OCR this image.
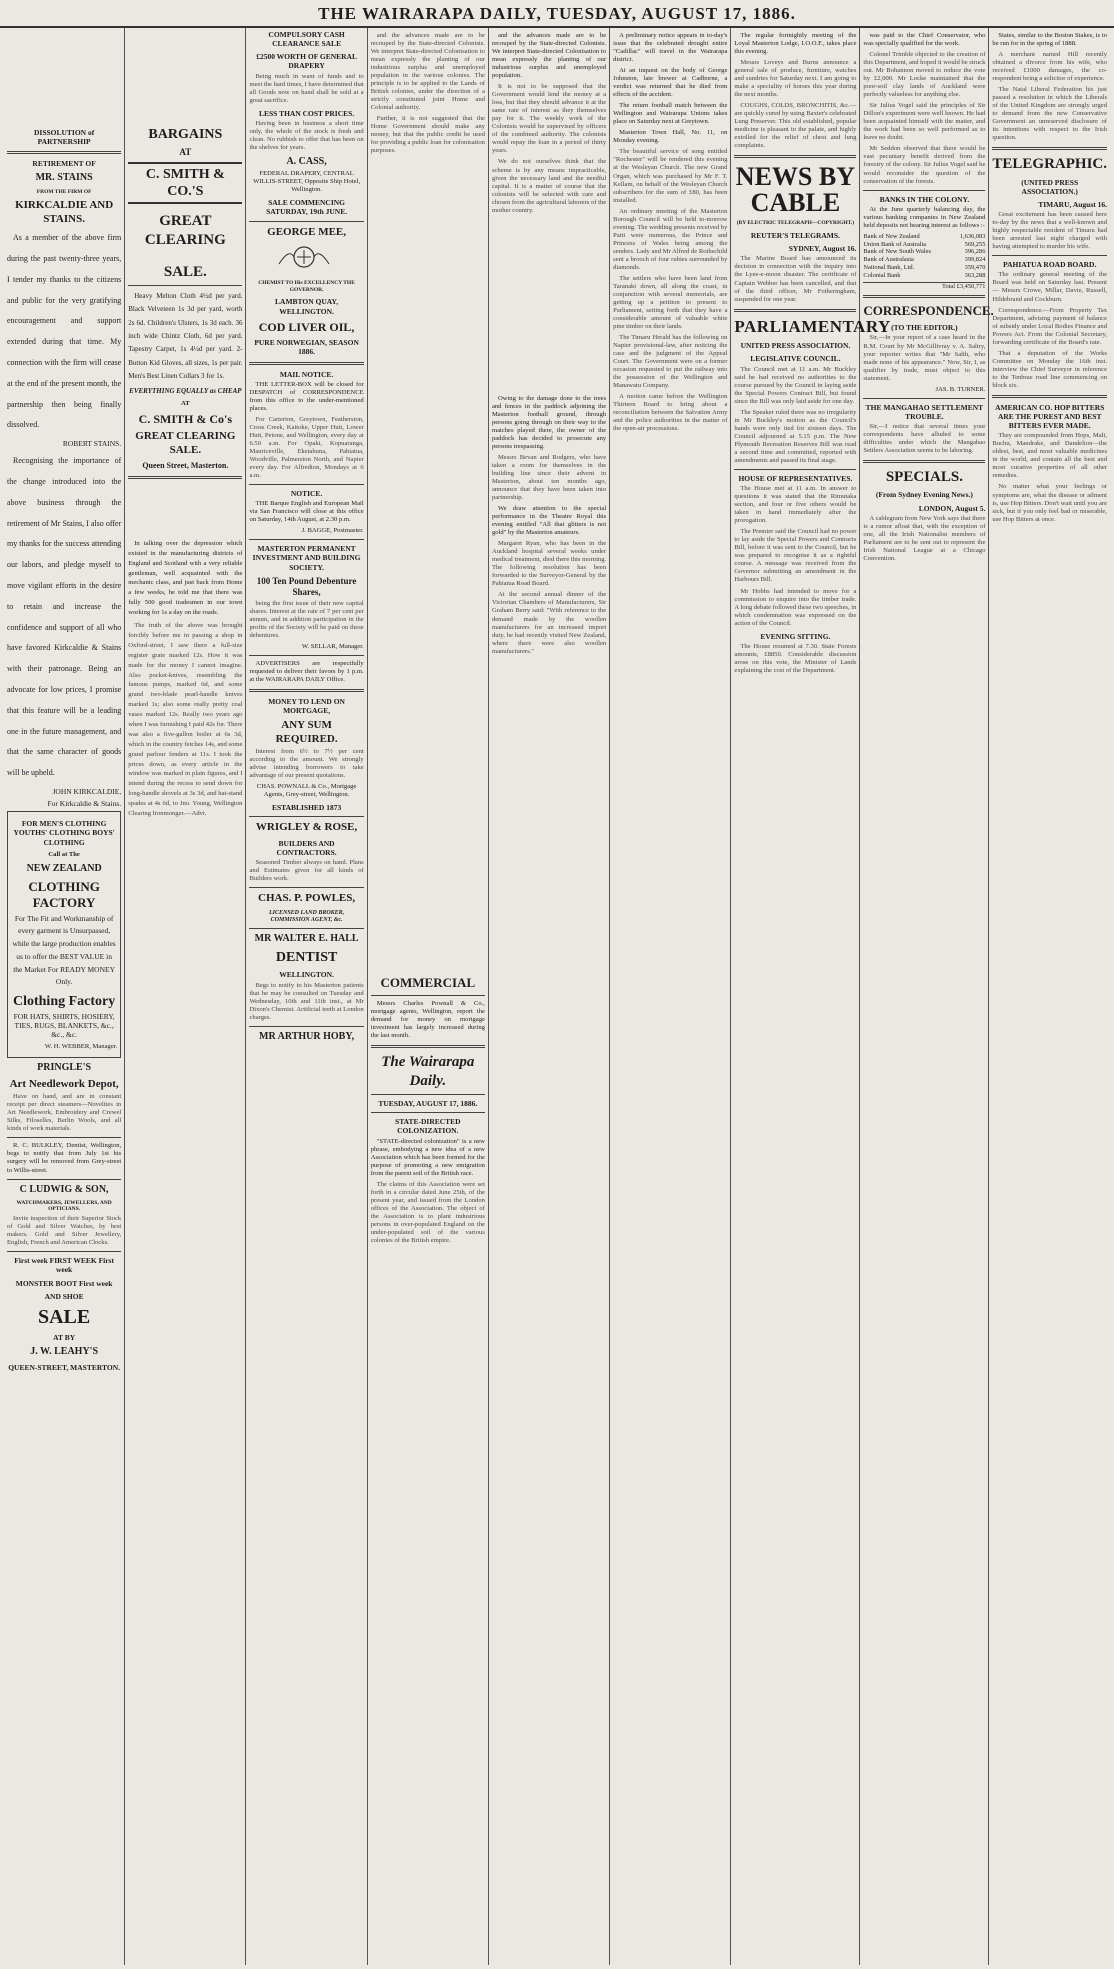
THE WAIRARAPA DAILY, TUESDAY, AUGUST 17, 1886.
DISSOLUTION of PARTNERSHIP
RETIREMENT OF
MR. STAINS
FROM THE FIRM OF
KIRKCALDIE AND STAINS.

As a member of the above firm during the past twenty-three years, I tender my thanks to the citizens and public for the very gratifying encouragement and support extended during that time. My connection with the firm will cease at the end of the present month, the partnership then being finally dissolved.

ROBERT STAINS.

Recognising the importance of the change introduced into the above business through the retirement of Mr Stains, I also offer my thanks for the success attending our labors, and pledge myself to move vigilant efforts in the desire to retain and increase the confidence and support of all who have favored Kirkcaldie & Stains with their patronage. Being an advocate for low prices, I promise that this feature will be a leading one in the future management, and that the same character of goods will be upheld.

JOHN KIRKCALDIE,

For Kirkcaldie & Stains.

FOR MEN'S CLOTHING YOUTHS' CLOTHING BOYS' CLOTHING
Call at The
NEW ZEALAND
CLOTHING FACTORY

For The Fit and Workmanship of every garment is Unsurpassed, while the large production enables us to offer the BEST VALUE in the Market For READY MONEY Only.

Clothing Factory

FOR HATS, SHIRTS, HOSIERY, TIES, RUGS, BLANKETS, &c., &c., &c.

W. H. WEBBER, Manager.

PRINGLE'S
Art Needlework Depot,

Have on hand, and are in constant receipt per direct steamers—Novelties in Art Needlework, Embroidery and Crewel Silks, Filoselles, Berlin Wools, and all kinds of work materials.

R. C. BULKLEY, Dentist, Wellington, begs to notify that from July 1st his surgery will be removed from Grey-street to Willis-street.

C LUDWIG & SON,
WATCHMAKERS, JEWELLERS, AND OPTICIANS.

Invite inspection of their Superior Stock of Gold and Silver Watches, by best makers. Gold and Silver Jewellery, English, French and American Clocks.

First week FIRST WEEK First week
MONSTER BOOT First week
AND SHOE
SALE
AT BY
J. W. LEAHY'S
QUEEN-STREET, MASTERTON.
BARGAINS
AT
C. SMITH & CO.'S
GREAT CLEARING
SALE.

Heavy Melton Cloth 4½d per yard. Black Velveteen 1s 3d per yard, worth 2s 6d. Children's Ulsters, 1s 3d each. 36 inch wide Chintz Cloth, 6d per yard. Tapestry Carpet, 1s 4½d per yard. 2-Button Kid Gloves, all sizes, 1s per pair. Men's Best Linen Collars 3 for 1s.

EVERYTHING EQUALLY as CHEAP
AT
C. SMITH & Co's
GREAT CLEARING SALE.
Queen Street, Masterton.

In talking over the depression which existed in the manufacturing districts of England and Scotland with a very reliable gentleman, well acquainted with the mechanic class, and just back from Home a few weeks, he told me that there was fully 500 good tradesmen in our town working for 1s a day on the roads.

The truth of the above was brought forcibly before me in passing a shop in Oxford-street, I saw there a full-size register grate marked 12s. How it was made for the money I cannot imagine. Also pocket-knives, resembling the famous pumps, marked 6d, and some grand two-blade pearl-handle knives marked 1s; also some really pretty coal vases marked 12s. Really two years ago when I was furnishing I paid 42s for. There was also a five-gallon boiler at 6s 3d, which in the country fetches 14s, and some grand parlour fenders at 11s. I took the prices down, as every article in the window was marked in plain figures, and I intend during the recess to send down for long-handle shovels at 3s 3d, and hat-stand spades at 4s 6d, to Jno. Young, Wellington Clearing Ironmonger.—Advt.

COMPULSORY CASH CLEARANCE SALE
£2500 WORTH OF GENERAL DRAPERY

Being much in want of funds and to meet the hard times, I have determined that all Goods now on hand shall be sold at a great sacrifice.

LESS THAN COST PRICES.

Having been in business a short time only, the whole of the stock is fresh and clean. No rubbish to offer that has been on the shelves for years.

A. CASS,

FEDERAL DRAPERY, CENTRAL WILLIS-STREET, Opposite Ship Hotel, Wellington.

SALE COMMENCING SATURDAY, 19th JUNE.
GEORGE MEE,
CHEMIST TO His EXCELLENCY THE GOVERNOR.
LAMBTON QUAY, WELLINGTON.
COD LIVER OIL,
PURE NORWEGIAN, SEASON 1886.
MAIL NOTICE.

THE LETTER-BOX will be closed for DESPATCH of CORRESPONDENCE from this office to the under-mentioned places.

For Carterton, Greytown, Featherston, Cross Creek, Kaitoke, Upper Hutt, Lower Hutt, Petone, and Wellington, every day at 6.50 a.m. For Opaki, Kopuaranga, Mauriceville, Eketahuna, Pahiatua, Woodville, Palmerston North, and Napier every day. For Alfredton, Mondays at 6 a.m.

NOTICE.

THE Barque English and European Mail via San Francisco will close at this office on Saturday, 14th August, at 2.30 p.m.

J. BAGGE, Postmaster.

MASTERTON PERMANENT INVESTMENT AND BUILDING SOCIETY.
100 Ten Pound Debenture Shares,

being the first issue of their new capital shares. Interest at the rate of 7 per cent per annum, and in addition participation in the profits of the Society will be paid on these debentures.

W. SELLAR, Manager.

ADVERTISERS are respectfully requested to deliver their favors by 1 p.m. at the WAIRARAPA DAILY Office.

MONEY TO LEND ON MORTGAGE,
ANY SUM REQUIRED.

Interest from 6½ to 7½ per cent according to the amount. We strongly advise intending borrowers to take advantage of our present quotations.

CHAS. POWNALL & Co., Mortgage Agents, Grey-street, Wellington.

ESTABLISHED 1873
WRIGLEY & ROSE,
BUILDERS AND CONTRACTORS.

Seasoned Timber always on hand. Plans and Estimates given for all kinds of Builders work.

CHAS. P. POWLES,
LICENSED LAND BROKER, COMMISSION AGENT, &c.
MR WALTER E. HALL
DENTIST
WELLINGTON.

Begs to notify to his Masterton patients that he may be consulted on Tuesday and Wednesday, 10th and 11th inst., at Mr Dixon's Chemist. Artificial teeth at London charges.

MR ARTHUR HOBY,

and the advances made are to be recouped by the State-directed Colonists. We interpret State-directed Colonisation to mean expressly the planting of our industrious surplus and unemployed population in the various colonies. The principle is to be applied to the Lands of British colonies, under the direction of a strictly constituted joint Home and Colonial authority.

Further, it is not suggested that the Home Government should make any money, but that the public credit be used for providing a public loan for colonisation purposes.

COMMERCIAL

Messrs Charles Pownall & Co., mortgage agents, Wellington, report the demand for money on mortgage investment has largely increased during the last month.

The Wairarapa Daily.
TUESDAY, AUGUST 17, 1886.
STATE-DIRECTED COLONIZATION.

"STATE-directed colonization" is a new phrase, embodying a new idea of a new Association which has been formed for the purpose of promoting a new emigration from the parent soil of the British race.

The claims of this Association were set forth in a circular dated June 25th, of the present year, and issued from the London offices of the Association. The object of the Association is to plant industrious persons in over-populated England on the under-populated soil of the various colonies of the British empire.

and the advances made are to be recouped by the State-directed Colonists. We interpret State-directed Colonisation to mean expressly the planting of our industrious surplus and unemployed population.

It is not to be supposed that the Government would lend the money at a loss, but that they should advance it at the same rate of interest as they themselves pay for it. The weekly work of the Colonists would be supervised by officers of the combined authority. The colonists would repay the loan in a period of thirty years.

We do not ourselves think that the scheme is by any means impracticable, given the necessary land and the needful capital. It is a matter of course that the colonists will be selected with care and chosen from the agricultural laborers of the mother country.

Owing to the damage done to the trees and fences in the paddock adjoining the Masterton football ground, through persons going through on their way to the matches played there, the owner of the paddock has decided to prosecute any persons trespassing.

Messrs Bevan and Rodgers, who have taken a room for themselves in the building line since their advent in Masterton, about ten months ago, announce that they have been taken into partnership.

We draw attention to the special performance in the Theatre Royal this evening entitled "All that glitters is not gold" by the Masterton amateurs.

Margaret Ryan, who has been in the Auckland hospital several weeks under medical treatment, died there this morning. The following resolution has been forwarded to the Surveyor-General by the Pahiatua Road Board.

At the second annual dinner of the Victorian Chambers of Manufacturers, Sir Graham Berry said: "With reference to the demand made by the woollen manufacturers for an increased import duty, he had recently visited New Zealand, where there were also woollen manufacturers."

A preliminary notice appears in to-day's issue that the celebrated drought entire "Cadillac" will travel in the Wairarapa district.

At an inquest on the body of George Johnston, late brewer at Cadborne, a verdict was returned that he died from effects of the accident.

The return football match between the Wellington and Wairarapa Unions takes place on Saturday next at Greytown.

Masterton Town Hall, No. 11, on Monday evening.

The beautiful service of song entitled "Rochester" will be rendered this evening at the Wesleyan Church. The new Grand Organ, which was purchased by Mr F. T. Kellam, on behalf of the Wesleyan Church subscribers for the sum of £80, has been installed.

An ordinary meeting of the Masterton Borough Council will be held to-morrow evening. The wedding presents received by Patti were numerous, the Prince and Princess of Wales being among the senders. Lady and Mr Alfred de Rothschild sent a brooch of four rubies surrounded by diamonds.

The settlers who have been land from Taranaki down, all along the coast, in conjunction with several memorials, are getting up a petition to present to Parliament, setting forth that they have a considerable amount of valuable white pine timber on their lands.

The Timaru Herald has the following on Napier provisional-law, after noticing the case and the judgment of the Appeal Court. The Government were on a former occasion requested to put the railway into the possession of the Wellington and Manawatu Company.

A motion came before the Wellington Thirteen Board to bring about a reconciliation between the Salvation Army and the police authorities in the matter of the open-air processions.

The regular fortnightly meeting of the Loyal Masterton Lodge, I.O.O.F., takes place this evening.

Messrs Loveys and Burns announce a general sale of produce, furniture, watches and sundries for Saturday next. I am going to make a speciality of horses this year during the next months.

COUGHS, COLDS, BRONCHITIS, &c.—are quickly cured by using Baxter's celebrated Lung Preserver. This old established, popular medicine is pleasant to the palate, and highly extolled for the relief of chest and lung complaints.

NEWS BY CABLE
(BY ELECTRIC TELEGRAPH—COPYRIGHT.)
REUTER'S TELEGRAMS.
SYDNEY, August 16.

The Marine Board has announced its decision in connection with the inquiry into the Lyee-e-moon disaster. The certificate of Captain Webber has been cancelled, and that of the third officer, Mr Fotheringham, suspended for one year.

PARLIAMENTARY
UNITED PRESS ASSOCIATION.
LEGISLATIVE COUNCIL.

The Council met at 11 a.m. Mr Buckley said he had received no authorities to the course pursued by the Council in laying aside the Special Powers Contract Bill, but found since the Bill was only laid aside for one day.

The Speaker ruled there was no irregularity in Mr Buckley's motion as the Council's hands were only tied for sixteen days. The Council adjourned at 5.15 p.m. The New Plymouth Recreation Reserves Bill was read a second time and committed, reported with amendments and passed its final stage.

HOUSE OF REPRESENTATIVES.

The House met at 11 a.m. In answer to questions it was stated that the Rimutaka section, and four or five others would be taken in hand immediately after the prorogation.

The Premier said the Council had no power to lay aside the Special Powers and Contracts Bill, before it was sent to the Council, but he was prepared to recognise it as a rightful course. A message was received from the Governor submitting an amendment in the Harbours Bill.

Mr Hobbs had intended to move for a commission to enquire into the timber trade. A long debate followed these two speeches, in which condemnation was expressed on the action of the Council.

EVENING SITTING.

The House resumed at 7.30. State Forests amounts, £8850. Considerable discussion arose on this vote, the Minister of Lands explaining the cost of the Department.

was paid to the Chief Conservator, who was specially qualified for the work.

Colonel Trimble objected to the creation of this Department, and hoped it would be struck out. Mr Bohannon moved to reduce the vote by £2,000. Mr Locke maintained that the poor-soil clay lands of Auckland were perfectly valueless for anything else.

Sir Julius Vogel said the principles of Sir Dillon's experiment were well known. He had been acquainted himself with the matter, and the work had been so well performed as to leave no doubt.

Mr Seddon observed that there would be vast pecuniary benefit derived from the forestry of the colony. Sir Julius Vogel said he would reconsider the question of the conservation of the forests.

BANKS IN THE COLONY.

At the June quarterly balancing day, the various banking companies in New Zealand held deposits not bearing interest as follows :-

Bank of New Zealand	1,636,083
Union Bank of Australia	569,255
Bank of New South Wales	396,286
Bank of Australasia	399,824
National Bank, Ltd.	359,470
Colonial Bank	363,288
Total £3,450,771
CORRESPONDENCE.
(TO THE EDITOR.)

Sir,—In your report of a case heard in the R.M. Court by Mr McGillivray v. A. Saltry, your reporter writes that "Mr Salth, who made none of his appearance." Now, Sir, I, as qualifier by trade, must object to this statement.

JAS. B. TURNER.

THE MANGAHAO SETTLEMENT TROUBLE.

Sir,—I notice that several times your correspondents have alluded to some difficulties under which the Mangahao Settlers Association seems to be laboring.

SPECIALS.
(From Sydney Evening News.)
LONDON, August 5.

A cablegram from New York says that there is a rumor afloat that, with the exception of one, all the Irish Nationalist members of Parliament are to be sent out to represent the Irish National League at a Chicago Convention.

States, similar to the Boston Stakes, is to be run for in the spring of 1888.

A merchant named Hill recently obtained a divorce from his wife, who received £1000 damages, the co-respondent being a solicitor of experience.

The Natal Liberal Federation his just passed a resolution in which the Liberals of the United Kingdom are strongly urged to demand from the new Conservative Government an unreserved disclosure of its intentions with respect to the Irish question.

TELEGRAPHIC.
(UNITED PRESS ASSOCIATION.)
TIMARU, August 16.

Great excitement has been caused here to-day by the news that a well-known and highly respectable resident of Timaru had been arrested last night charged with having attempted to murder his wife.

PAHIATUA ROAD BOARD.

The ordinary general meeting of the Board was held on Saturday last. Present — Messrs Crowe, Millar, Davie, Russell, Hildebrand and Cockburn.

Correspondence.—From Property Tax Department, advising payment of balance of subsidy under Local Bodies Finance and Powers Act. From the Colonial Secretary, forwarding certificate of the Board's rate.

That a deputation of the Works Committee on Monday the 16th inst. interview the Chief Surveyor in reference to the Tenbrae road line commencing on block six.

AMERICAN CO. HOP BITTERS ARE THE PUREST AND BEST BITTERS EVER MADE.

They are compounded from Hops, Malt, Buchu, Mandrake, and Dandelion—the oldest, best, and most valuable medicines in the world, and contain all the best and most curative properties of all other remedies.

No matter what your feelings or symptoms are, what the disease or ailment is, use Hop Bitters. Don't wait until you are sick, but if you only feel bad or miserable, use Hop Bitters at once.
